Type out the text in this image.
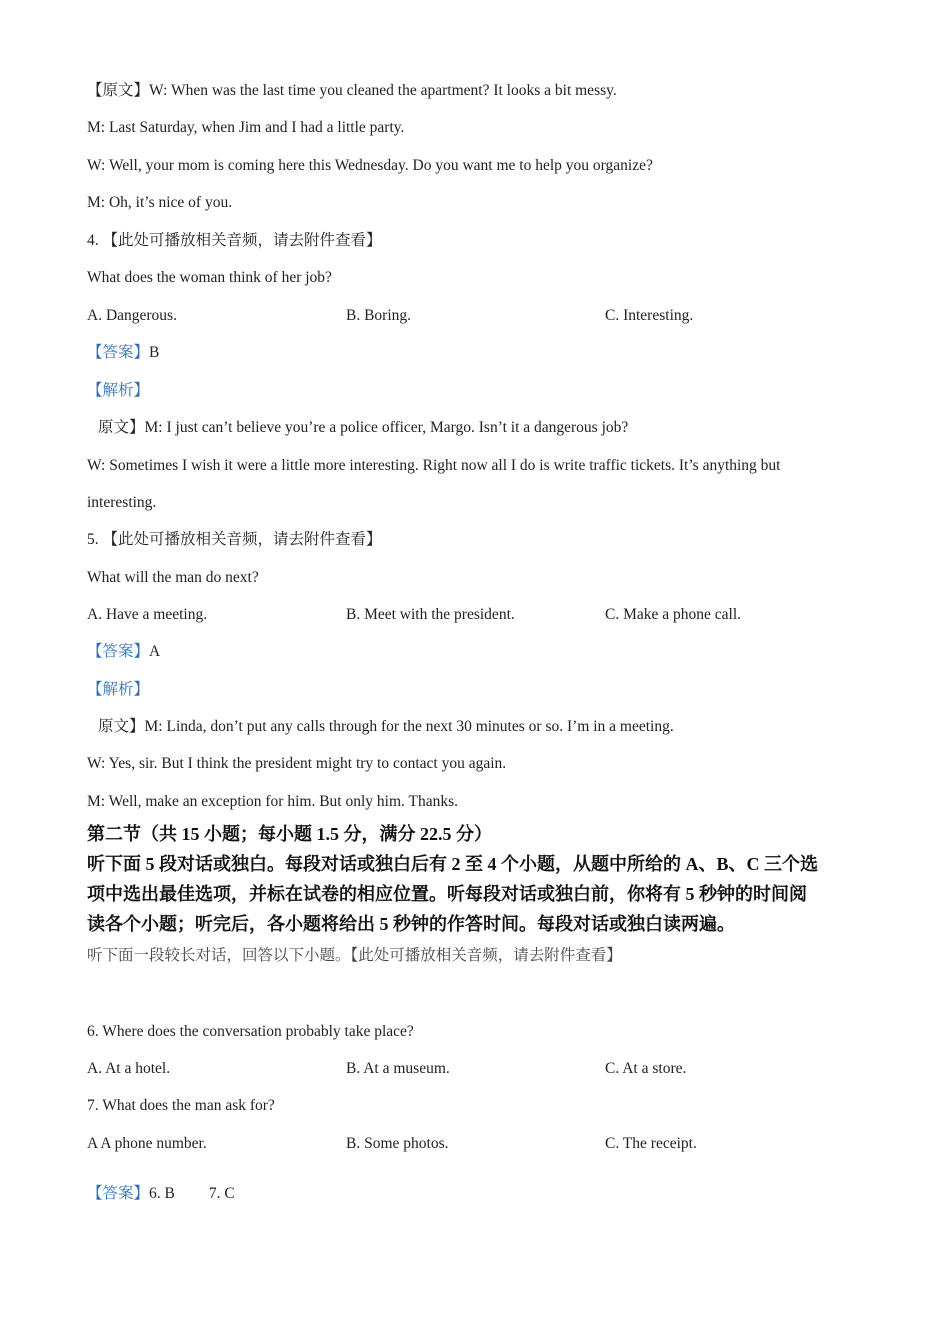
【原文】W: When was the last time you cleaned the apartment? It looks a bit messy.
M: Last Saturday, when Jim and I had a little party.
W: Well, your mom is coming here this Wednesday. Do you want me to help you organize?
M: Oh, it’s nice of you.
4. 【此处可播放相关音频，请去附件查看】
What does the woman think of her job?
A. Dangerous.	B. Boring.	C. Interesting.
【答案】B
【解析】
原文】M: I just can’t believe you’re a police officer, Margo. Isn’t it a dangerous job?
W: Sometimes I wish it were a little more interesting. Right now all I do is write traffic tickets. It’s anything but
interesting.
5. 【此处可播放相关音频，请去附件查看】
What will the man do next?
A. Have a meeting.	B. Meet with the president.	C. Make a phone call.
【答案】A
【解析】
原文】M: Linda, don’t put any calls through for the next 30 minutes or so. I’m in a meeting.
W: Yes, sir. But I think the president might try to contact you again.
M: Well, make an exception for him. But only him. Thanks.
第二节（共 15 小题；每小题 1.5 分，满分 22.5 分）
听下面 5 段对话或独白。每段对话或独白后有 2 至 4 个小题，从题中所给的 A、B、C 三个选
项中选出最佳选项，并标在试卷的相应位置。听每段对话或独白前，你将有 5 秒钟的时间阅
读各个小题；听完后，各小题将给出 5 秒钟的作答时间。每段对话或独白读两遍。
听下面一段较长对话，回答以下小题。【此处可播放相关音频，请去附件查看】
6. Where does the conversation probably take place?
A. At a hotel.	B. At a museum.	C. At a store.
7. What does the man ask for?
A A phone number.	B. Some photos.	C. The receipt.
【答案】6. B 7. C
